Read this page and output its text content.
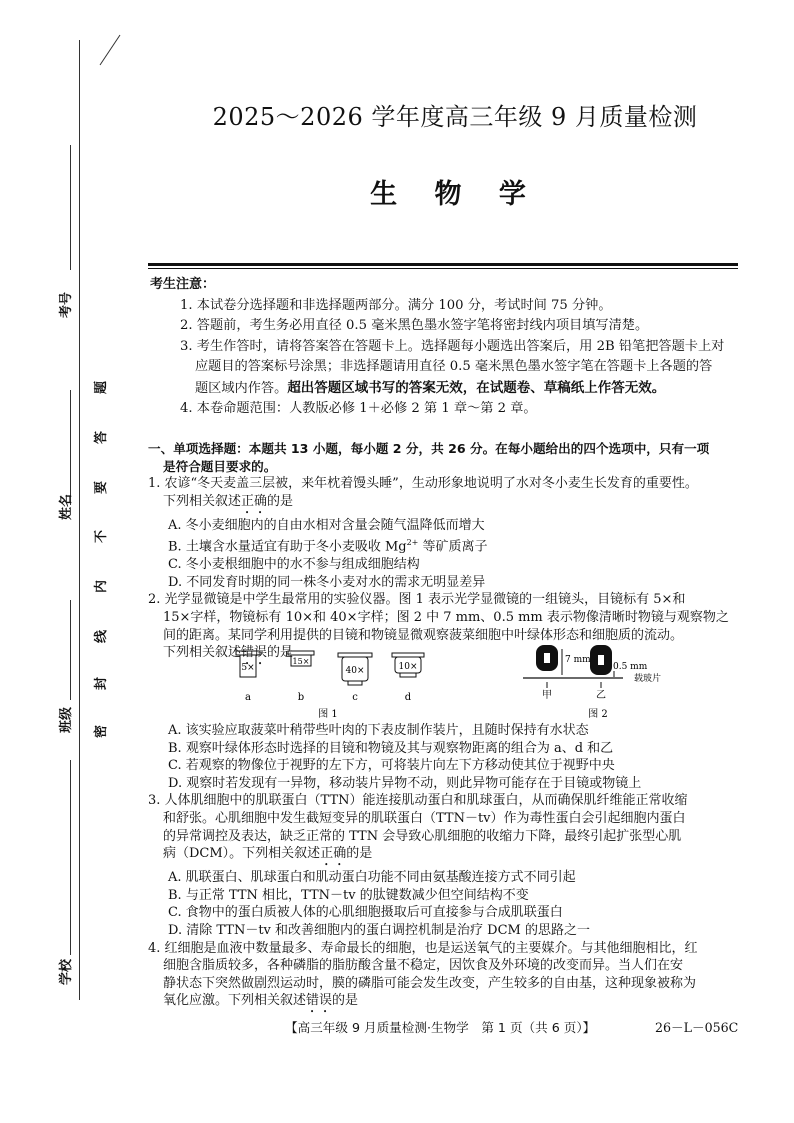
考号
姓名
班级
学校
题
答
要
不
内
线
封
密
2025～2026 学年度高三年级 9 月质量检测
生 物 学
考生注意：
1. 本试卷分选择题和非选择题两部分。满分 100 分，考试时间 75 分钟。
2. 答题前，考生务必用直径 0.5 毫米黑色墨水签字笔将密封线内项目填写清楚。
3. 考生作答时，请将答案答在答题卡上。选择题每小题选出答案后，用 2B 铅笔把答题卡上对
应题目的答案标号涂黑；非选择题请用直径 0.5 毫米黑色墨水签字笔在答题卡上各题的答
题区域内作答。超出答题区域书写的答案无效，在试题卷、草稿纸上作答无效。
4. 本卷命题范围：人教版必修 1＋必修 2 第 1 章～第 2 章。
一、单项选择题：本题共 13 小题，每小题 2 分，共 26 分。在每小题给出的四个选项中，只有一项
是符合题目要求的。
1. 农谚“冬天麦盖三层被，来年枕着馒头睡”，生动形象地说明了水对冬小麦生长发育的重要性。
下列相关叙述正确的是
A. 冬小麦细胞内的自由水相对含量会随气温降低而增大
B. 土壤含水量适宜有助于冬小麦吸收 $Mg^{2+}$ 等矿质离子
C. 冬小麦根细胞中的水不参与组成细胞结构
D. 不同发育时期的同一株冬小麦对水的需求无明显差异
2. 光学显微镜是中学生最常用的实验仪器。图 1 表示光学显微镜的一组镜头，目镜标有 5×和
15×字样，物镜标有 10×和 40×字样；图 2 中 7 mm、0.5 mm 表示物像清晰时物镜与观察物之
间的距离。某同学利用提供的目镜和物镜显微观察菠菜细胞中叶绿体形态和细胞质的流动。
下列相关叙述错误的是
5×
a
15×
b
40×
c
10×
d
图 1
7 mm
0.5 mm
载玻片
甲	乙
图 2
A. 该实验应取菠菜叶稍带些叶肉的下表皮制作装片，且随时保持有水状态
B. 观察叶绿体形态时选择的目镜和物镜及其与观察物距离的组合为 a、d 和乙
C. 若观察的物像位于视野的左下方，可将装片向左下方移动使其位于视野中央
D. 观察时若发现有一异物，移动装片异物不动，则此异物可能存在于目镜或物镜上
3. 人体肌细胞中的肌联蛋白（TTN）能连接肌动蛋白和肌球蛋白，从而确保肌纤维能正常收缩
和舒张。心肌细胞中发生截短变异的肌联蛋白（TTN－tv）作为毒性蛋白会引起细胞内蛋白
的异常调控及表达，缺乏正常的 TTN 会导致心肌细胞的收缩力下降，最终引起扩张型心肌
病（DCM）。下列相关叙述正确的是
A. 肌联蛋白、肌球蛋白和肌动蛋白功能不同由氨基酸连接方式不同引起
B. 与正常 TTN 相比，TTN－tv 的肽键数减少但空间结构不变
C. 食物中的蛋白质被人体的心肌细胞摄取后可直接参与合成肌联蛋白
D. 清除 TTN－tv 和改善细胞内的蛋白调控机制是治疗 DCM 的思路之一
4. 红细胞是血液中数量最多、寿命最长的细胞，也是运送氧气的主要媒介。与其他细胞相比，红
细胞含脂质较多，各种磷脂的脂肪酸含量不稳定，因饮食及外环境的改变而异。当人们在安
静状态下突然做剧烈运动时，膜的磷脂可能会发生改变，产生较多的自由基，这种现象被称为
氧化应激。下列相关叙述错误的是
【高三年级 9 月质量检测·生物学　第 1 页（共 6 页）】	26－L－056C
